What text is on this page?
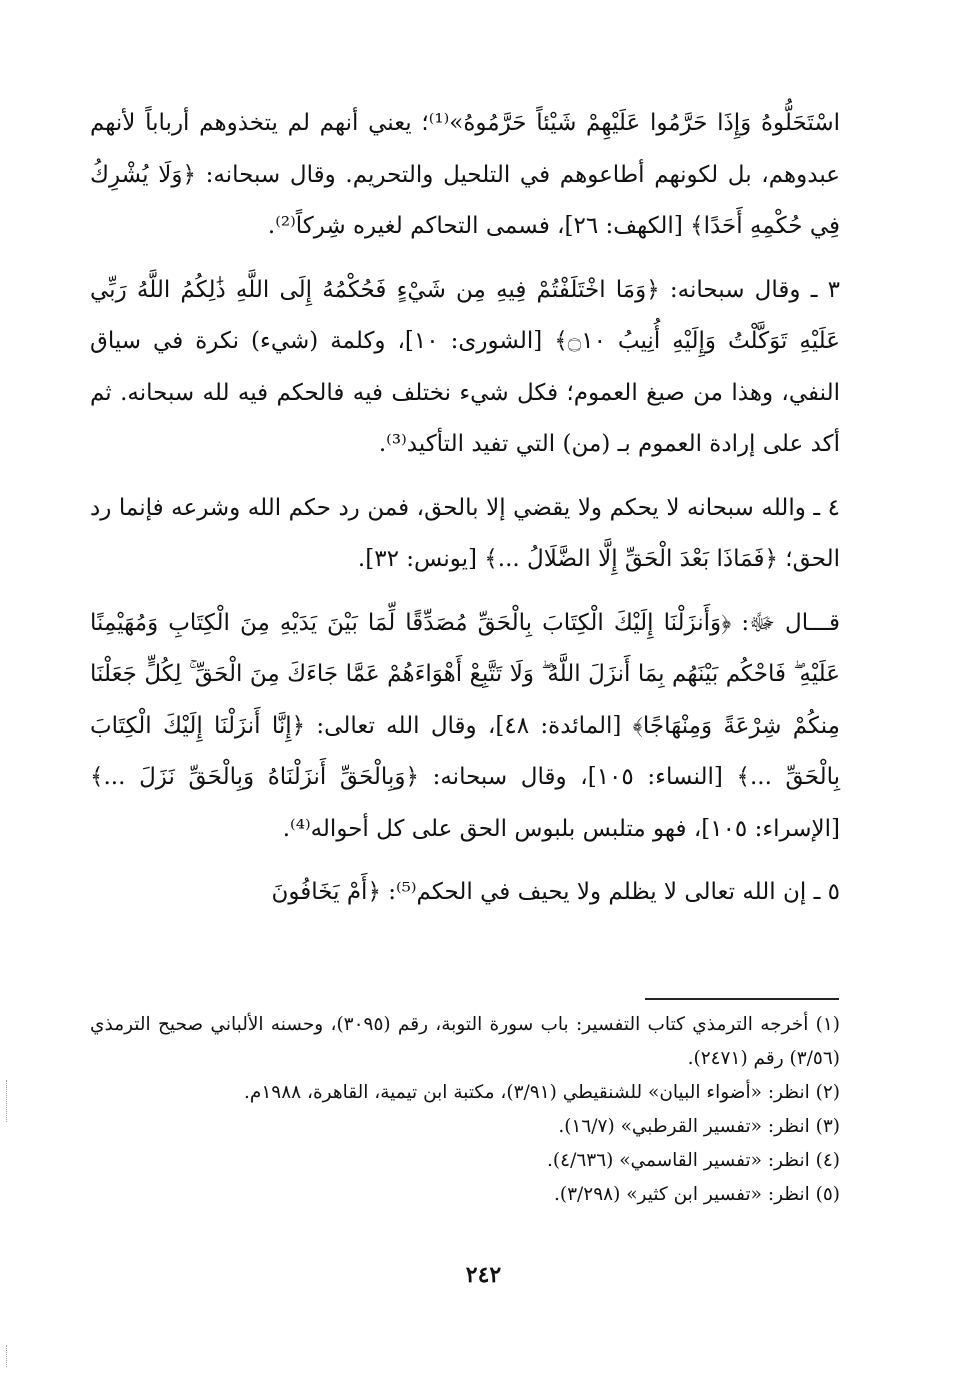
اسْتَحَلُّوهُ وَإِذَا حَرَّمُوا عَلَيْهِمْ شَيْئاً حَرَّمُوهُ»⁽¹⁾؛ يعني أنهم لم يتخذوهم أرباباً لأنهم عبدوهم، بل لكونهم أطاعوهم في التلحيل والتحريم. وقال سبحانه: ﴿وَلَا يُشْرِكُ فِي حُكْمِهِ أَحَدًا﴾ [الكهف: ٢٦]، فسمى التحاكم لغيره شِركاً⁽²⁾.

٣ ـ وقال سبحانه: ﴿وَمَا اخْتَلَفْتُمْ فِيهِ مِن شَيْءٍ فَحُكْمُهُ إِلَى اللَّهِ ذَٰلِكُمُ اللَّهُ رَبِّي عَلَيْهِ تَوَكَّلْتُ وَإِلَيْهِ أُنِيبُ ۝١٠﴾ [الشورى: ١٠]، وكلمة (شيء) نكرة في سياق النفي، وهذا من صيغ العموم؛ فكل شيء نختلف فيه فالحكم فيه لله سبحانه. ثم أكد على إرادة العموم بـ (من) التي تفيد التأكيد⁽³⁾.

٤ ـ والله سبحانه لا يحكم ولا يقضي إلا بالحق، فمن رد حكم الله وشرعه فإنما رد الحق؛ ﴿فَمَاذَا بَعْدَ الْحَقِّ إِلَّا الضَّلَالُ ...﴾ [يونس: ٣٢].

قـــال ﷻ: ﴿وَأَنزَلْنَا إِلَيْكَ الْكِتَابَ بِالْحَقِّ مُصَدِّقًا لِّمَا بَيْنَ يَدَيْهِ مِنَ الْكِتَابِ وَمُهَيْمِنًا عَلَيْهِ ۖ فَاحْكُم بَيْنَهُم بِمَا أَنزَلَ اللَّهُ ۖ وَلَا تَتَّبِعْ أَهْوَاءَهُمْ عَمَّا جَاءَكَ مِنَ الْحَقِّ ۚ لِكُلٍّ جَعَلْنَا مِنكُمْ شِرْعَةً وَمِنْهَاجًا﴾ [المائدة: ٤٨]، وقال الله تعالى: ﴿إِنَّا أَنزَلْنَا إِلَيْكَ الْكِتَابَ بِالْحَقِّ ...﴾ [النساء: ١٠٥]، وقال سبحانه: ﴿وَبِالْحَقِّ أَنزَلْنَاهُ وَبِالْحَقِّ نَزَلَ ...﴾ [الإسراء: ١٠٥]، فهو متلبس بلبوس الحق على كل أحواله⁽⁴⁾.

٥ ـ إن الله تعالى لا يظلم ولا يحيف في الحكم⁽⁵⁾: ﴿أَمْ يَخَافُونَ

(١) أخرجه الترمذي كتاب التفسير: باب سورة التوبة، رقم (٣٠٩٥)، وحسنه الألباني صحيح الترمذي (٣/٥٦) رقم (٢٤٧١).

(٢) انظر: «أضواء البيان» للشنقيطي (٣/٩١)، مكتبة ابن تيمية، القاهرة، ١٩٨٨م.

(٣) انظر: «تفسير القرطبي» (١٦/٧).

(٤) انظر: «تفسير القاسمي» (٤/٦٣٦).

(٥) انظر: «تفسير ابن كثير» (٣/٢٩٨).

٢٤٢
